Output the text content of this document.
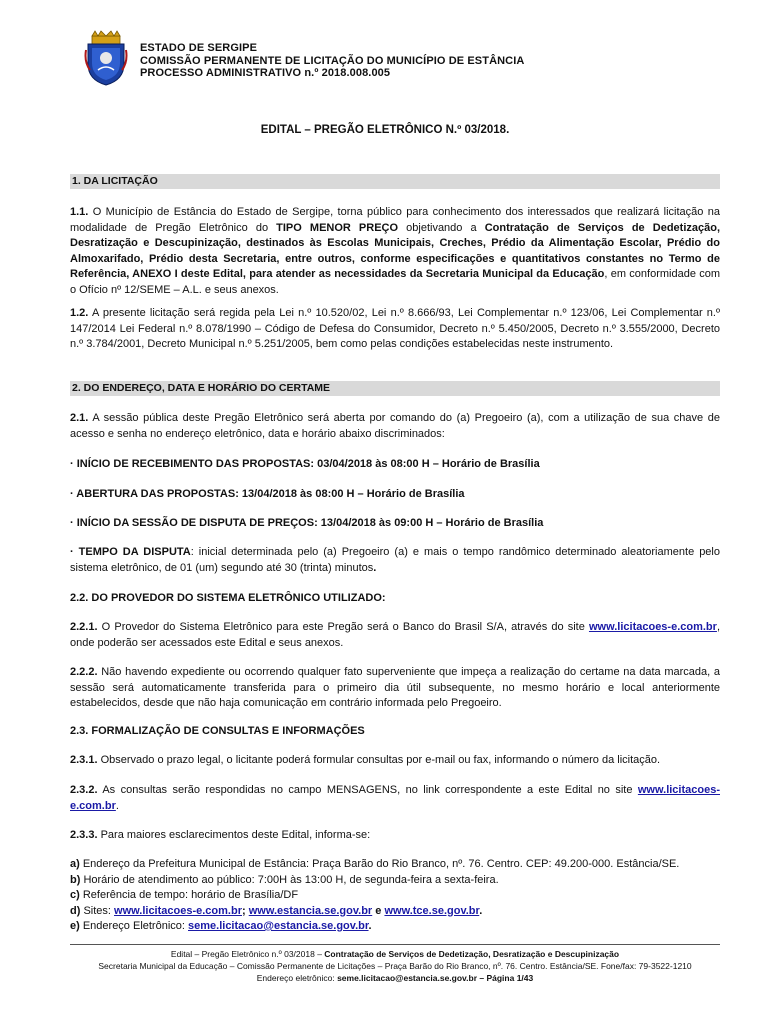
ESTADO DE SERGIPE
COMISSÃO PERMANENTE DE LICITAÇÃO DO MUNICÍPIO DE ESTÂNCIA
PROCESSO ADMINISTRATIVO n.º 2018.008.005
EDITAL – PREGÃO ELETRÔNICO N.º 03/2018.
1. DA LICITAÇÃO
1.1. O Município de Estância do Estado de Sergipe, torna público para conhecimento dos interessados que realizará licitação na modalidade de Pregão Eletrônico do TIPO MENOR PREÇO objetivando a Contratação de Serviços de Dedetização, Desratização e Descupinização, destinados às Escolas Municipais, Creches, Prédio da Alimentação Escolar, Prédio do Almoxarifado, Prédio desta Secretaria, entre outros, conforme especificações e quantitativos constantes no Termo de Referência, ANEXO I deste Edital, para atender as necessidades da Secretaria Municipal da Educação, em conformidade com o Ofício nº 12/SEME – A.L. e seus anexos.
1.2. A presente licitação será regida pela Lei n.º 10.520/02, Lei n.º 8.666/93, Lei Complementar n.º 123/06, Lei Complementar n.º 147/2014 Lei Federal n.º 8.078/1990 – Código de Defesa do Consumidor, Decreto n.º 5.450/2005, Decreto n.º 3.555/2000, Decreto n.º 3.784/2001, Decreto Municipal n.º 5.251/2005, bem como pelas condições estabelecidas neste instrumento.
2. DO ENDEREÇO, DATA E HORÁRIO DO CERTAME
2.1. A sessão pública deste Pregão Eletrônico será aberta por comando do (a) Pregoeiro (a), com a utilização de sua chave de acesso e senha no endereço eletrônico, data e horário abaixo discriminados:
· INÍCIO DE RECEBIMENTO DAS PROPOSTAS: 03/04/2018 às 08:00 H – Horário de Brasília
· ABERTURA DAS PROPOSTAS: 13/04/2018 às 08:00 H – Horário de Brasília
· INÍCIO DA SESSÃO DE DISPUTA DE PREÇOS: 13/04/2018 às 09:00 H – Horário de Brasília
· TEMPO DA DISPUTA: inicial determinada pelo (a) Pregoeiro (a) e mais o tempo randômico determinado aleatoriamente pelo sistema eletrônico, de 01 (um) segundo até 30 (trinta) minutos.
2.2. DO PROVEDOR DO SISTEMA ELETRÔNICO UTILIZADO:
2.2.1. O Provedor do Sistema Eletrônico para este Pregão será o Banco do Brasil S/A, através do site www.licitacoes-e.com.br, onde poderão ser acessados este Edital e seus anexos.
2.2.2. Não havendo expediente ou ocorrendo qualquer fato superveniente que impeça a realização do certame na data marcada, a sessão será automaticamente transferida para o primeiro dia útil subsequente, no mesmo horário e local anteriormente estabelecidos, desde que não haja comunicação em contrário informada pelo Pregoeiro.
2.3. FORMALIZAÇÃO DE CONSULTAS E INFORMAÇÕES
2.3.1. Observado o prazo legal, o licitante poderá formular consultas por e-mail ou fax, informando o número da licitação.
2.3.2. As consultas serão respondidas no campo MENSAGENS, no link correspondente a este Edital no site www.licitacoes-e.com.br.
2.3.3. Para maiores esclarecimentos deste Edital, informa-se:
a) Endereço da Prefeitura Municipal de Estância: Praça Barão do Rio Branco, nº. 76. Centro. CEP: 49.200-000. Estância/SE.
b) Horário de atendimento ao público: 7:00H às 13:00 H, de segunda-feira a sexta-feira.
c) Referência de tempo: horário de Brasília/DF
d) Sites: www.licitacoes-e.com.br; www.estancia.se.gov.br e www.tce.se.gov.br.
e) Endereço Eletrônico: seme.licitacao@estancia.se.gov.br.
Edital – Pregão Eletrônico n.º 03/2018 – Contratação de Serviços de Dedetização, Desratização e Descupinização
Secretaria Municipal da Educação – Comissão Permanente de Licitações – Praça Barão do Rio Branco, nº. 76. Centro. Estância/SE. Fone/fax: 79-3522-1210
Endereço eletrônico: seme.licitacao@estancia.se.gov.br – Página 1/43
